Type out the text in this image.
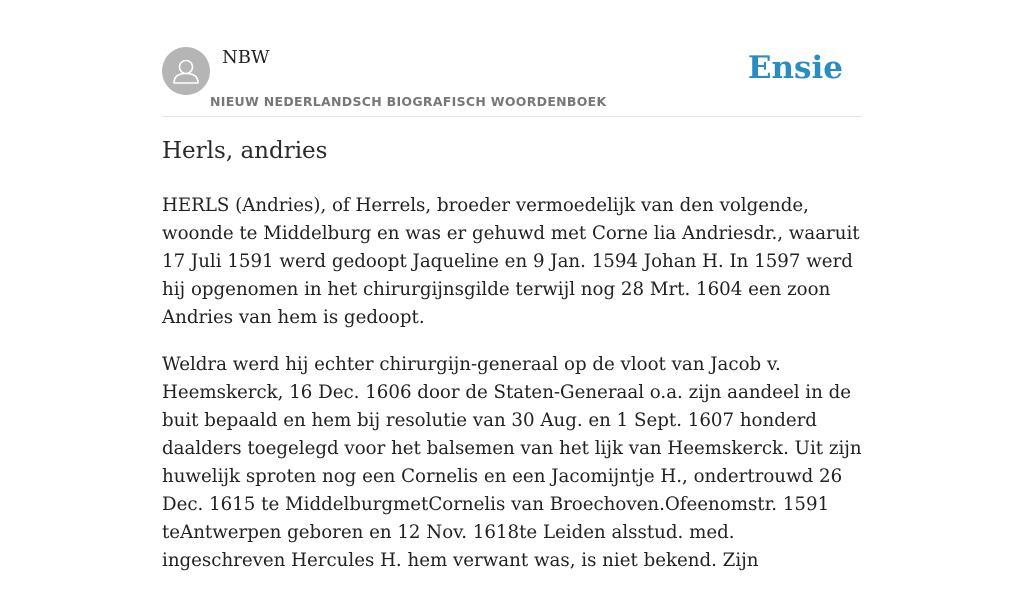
NBW
NIEUW NEDERLANDSCH BIOGRAFISCH WOORDENBOEK
Ensie
Herls, andries

HERLS (Andries), of Herrels, broeder vermoedelijk van den volgende, woonde te Middelburg en was er gehuwd met Corne lia Andriesdr., waaruit 17 Juli 1591 werd gedoopt Jaqueline en 9 Jan. 1594 Johan H. In 1597 werd hij opgenomen in het chirurgijnsgilde terwijl nog 28 Mrt. 1604 een zoon Andries van hem is gedoopt.

Weldra werd hij echter chirurgijn-generaal op de vloot van Jacob v. Heemskerck, 16 Dec. 1606 door de Staten-Generaal o.a. zijn aandeel in de buit bepaald en hem bij resolutie van 30 Aug. en 1 Sept. 1607 honderd daalders toegelegd voor het balsemen van het lijk van Heemskerck. Uit zijn huwelijk sproten nog een Cornelis en een Jacomijntje H., ondertrouwd 26 Dec. 1615 te MiddelburgmetCornelis van Broechoven.Ofeenomstr. 1591 teAntwerpen geboren en 12 Nov. 1618te Leiden alsstud. med. ingeschreven Hercules H. hem verwant was, is niet bekend. Zijn
